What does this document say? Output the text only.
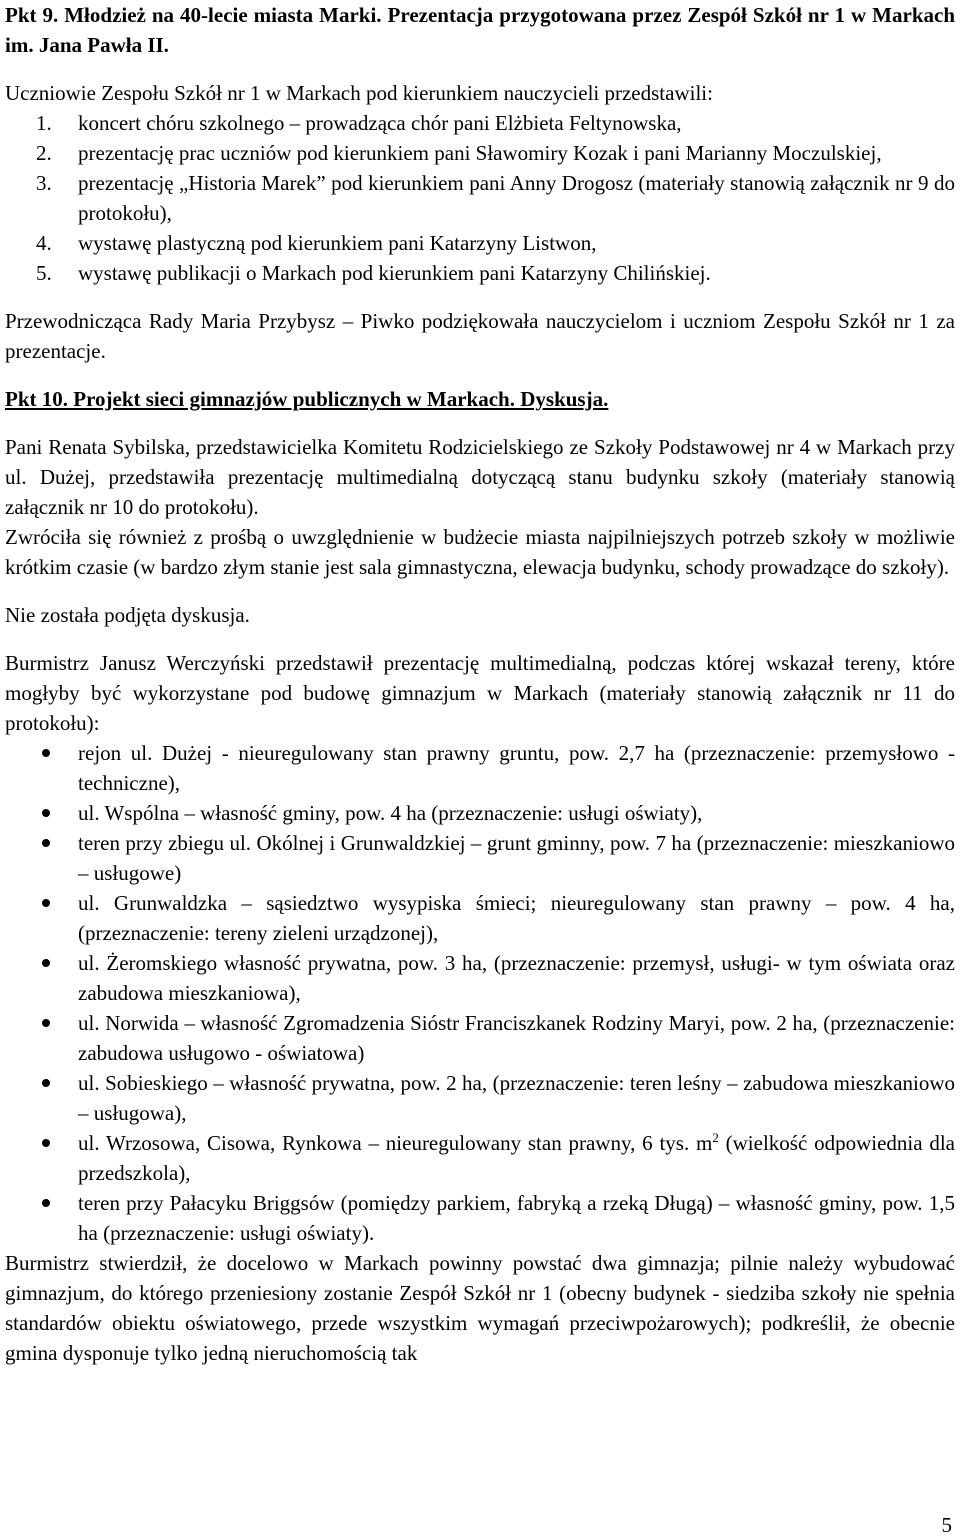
Pkt 9. Młodzież na 40-lecie miasta Marki. Prezentacja przygotowana przez Zespół Szkół nr 1 w Markach im. Jana Pawła II.

Uczniowie Zespołu Szkół nr 1 w Markach pod kierunkiem nauczycieli przedstawili:

1. koncert chóru szkolnego – prowadząca chór pani Elżbieta Feltynowska,
2. prezentację prac uczniów pod kierunkiem pani Sławomiry Kozak i pani Marianny Moczulskiej,
3. prezentację „Historia Marek” pod kierunkiem pani Anny Drogosz (materiały stanowią załącznik nr 9 do protokołu),
4. wystawę plastyczną pod kierunkiem pani Katarzyny Listwon,
5. wystawę publikacji o Markach pod kierunkiem pani Katarzyny Chilińskiej.

Przewodnicząca Rady Maria Przybysz – Piwko podziękowała nauczycielom i uczniom Zespołu Szkół nr 1 za prezentacje.

Pkt 10. Projekt sieci gimnazjów publicznych w Markach. Dyskusja.

Pani Renata Sybilska, przedstawicielka Komitetu Rodzicielskiego ze Szkoły Podstawowej nr 4 w Markach przy ul. Dużej, przedstawiła prezentację multimedialną dotyczącą stanu budynku szkoły (materiały stanowią załącznik nr 10 do protokołu).

Zwróciła się również z prośbą o uwzględnienie w budżecie miasta najpilniejszych potrzeb szkoły w możliwie krótkim czasie (w bardzo złym stanie jest sala gimnastyczna, elewacja budynku, schody prowadzące do szkoły).

Nie została podjęta dyskusja.

Burmistrz Janusz Werczyński przedstawił prezentację multimedialną, podczas której wskazał tereny, które mogłyby być wykorzystane pod budowę gimnazjum w Markach (materiały stanowią załącznik nr 11 do protokołu):

rejon ul. Dużej - nieuregulowany stan prawny gruntu, pow. 2,7 ha (przeznaczenie: przemysłowo - techniczne),
ul. Wspólna – własność gminy, pow. 4 ha (przeznaczenie: usługi oświaty),
teren przy zbiegu ul. Okólnej i Grunwaldzkiej – grunt gminny, pow. 7 ha (przeznaczenie: mieszkaniowo – usługowe)
ul. Grunwaldzka – sąsiedztwo wysypiska śmieci; nieuregulowany stan prawny – pow. 4 ha, (przeznaczenie: tereny zieleni urządzonej),
ul. Żeromskiego własność prywatna, pow. 3 ha, (przeznaczenie: przemysł, usługi- w tym oświata oraz zabudowa mieszkaniowa),
ul. Norwida – własność Zgromadzenia Sióstr Franciszkanek Rodziny Maryi, pow. 2 ha, (przeznaczenie: zabudowa usługowo - oświatowa)
ul. Sobieskiego – własność prywatna, pow. 2 ha, (przeznaczenie: teren leśny – zabudowa mieszkaniowo – usługowa),
ul. Wrzosowa, Cisowa, Rynkowa – nieuregulowany stan prawny, 6 tys. $m^2$ (wielkość odpowiednia dla przedszkola),
teren przy Pałacyku Briggsów (pomiędzy parkiem, fabryką a rzeką Długą) – własność gminy, pow. 1,5 ha (przeznaczenie: usługi oświaty).

Burmistrz stwierdził, że docelowo w Markach powinny powstać dwa gimnazja; pilnie należy wybudować gimnazjum, do którego przeniesiony zostanie Zespół Szkół nr 1 (obecny budynek - siedziba szkoły nie spełnia standardów obiektu oświatowego, przede wszystkim wymagań przeciwpożarowych); podkreślił, że obecnie gmina dysponuje tylko jedną nieruchomością tak

5
